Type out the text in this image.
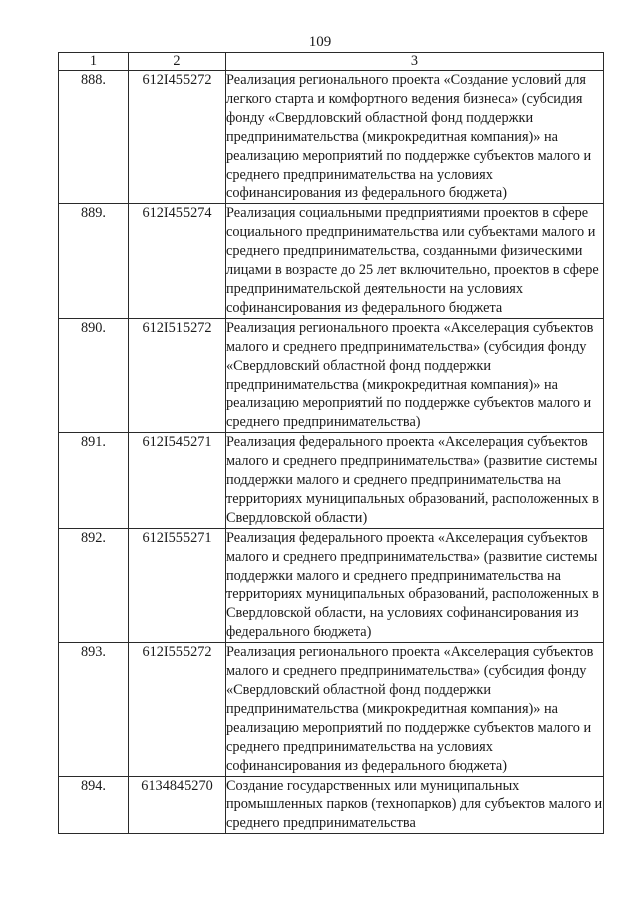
109
1	2	3
888.	612I455272	Реализация регионального проекта «Создание условий для легкого старта и комфортного ведения бизнеса» (субсидия фонду «Свердловский областной фонд поддержки предпринимательства (микрокредитная компания)» на реализацию мероприятий по поддержке субъектов малого и среднего предпринимательства на условиях софинансирования из федерального бюджета)
889.	612I455274	Реализация социальными предприятиями проектов в сфере социального предпринимательства или субъектами малого и среднего предпринимательства, созданными физическими лицами в возрасте до 25 лет включительно, проектов в сфере предпринимательской деятельности на условиях софинансирования из федерального бюджета
890.	612I515272	Реализация регионального проекта «Акселерация субъектов малого и среднего предпринимательства» (субсидия фонду «Свердловский областной фонд поддержки предпринимательства (микрокредитная компания)» на реализацию мероприятий по поддержке субъектов малого и среднего предпринимательства)
891.	612I545271	Реализация федерального проекта «Акселерация субъектов малого и среднего предпринимательства» (развитие системы поддержки малого и среднего предпринимательства на территориях муниципальных образований, расположенных в Свердловской области)
892.	612I555271	Реализация федерального проекта «Акселерация субъектов малого и среднего предпринимательства» (развитие системы поддержки малого и среднего предпринимательства на территориях муниципальных образований, расположенных в Свердловской области, на условиях софинансирования из федерального бюджета)
893.	612I555272	Реализация регионального проекта «Акселерация субъектов малого и среднего предпринимательства» (субсидия фонду «Свердловский областной фонд поддержки предпринимательства (микрокредитная компания)» на реализацию мероприятий по поддержке субъектов малого и среднего предпринимательства на условиях софинансирования из федерального бюджета)
894.	6134845270	Создание государственных или муниципальных промышленных парков (технопарков) для субъектов малого и среднего предпринимательства
